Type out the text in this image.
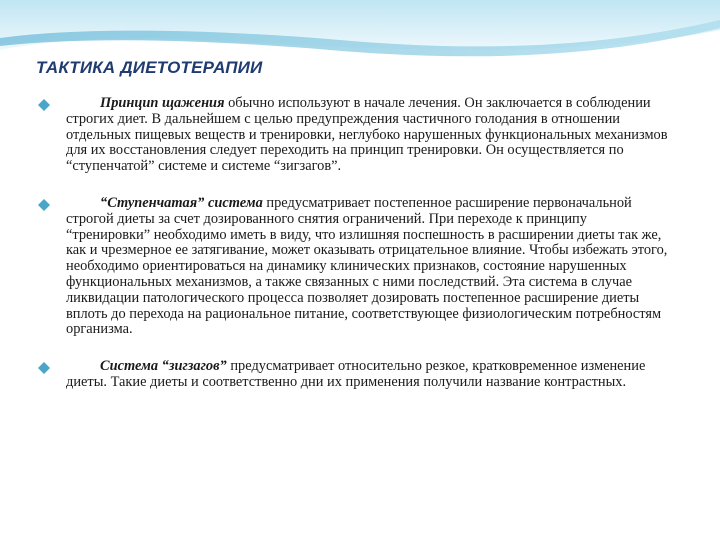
ТАКТИКА ДИЕТОТЕРАПИИ

Принцип щажения обычно используют в начале лечения. Он заключается в соблюдении строгих диет. В дальнейшем с целью предупреждения частичного голодания в отношении отдельных пищевых веществ и тренировки, неглубоко нарушенных функциональных механизмов для их восстановления следует переходить на принцип тренировки. Он осуществляется по “ступенчатой” системе и системе “зигзагов”.

“Ступенчатая” система предусматривает постепенное расширение первоначальной строгой диеты за счет дозированного снятия ограничений. При переходе к принципу “тренировки” необходимо иметь в виду, что излишняя поспешность в расширении диеты так же, как и чрезмерное ее затягивание, может оказывать отрицательное влияние. Чтобы избежать этого, необходимо ориентироваться на динамику клинических признаков, состояние нарушенных функциональных механизмов, а также связанных с ними последствий. Эта система в случае ликвидации патологического процесса позволяет дозировать постепенное расширение диеты вплоть до перехода на рациональное питание, соответствующее физиологическим потребностям организма.

Система “зигзагов” предусматривает относительно резкое, кратковременное изменение диеты. Такие диеты и соответственно дни их применения получили название контрастных.
